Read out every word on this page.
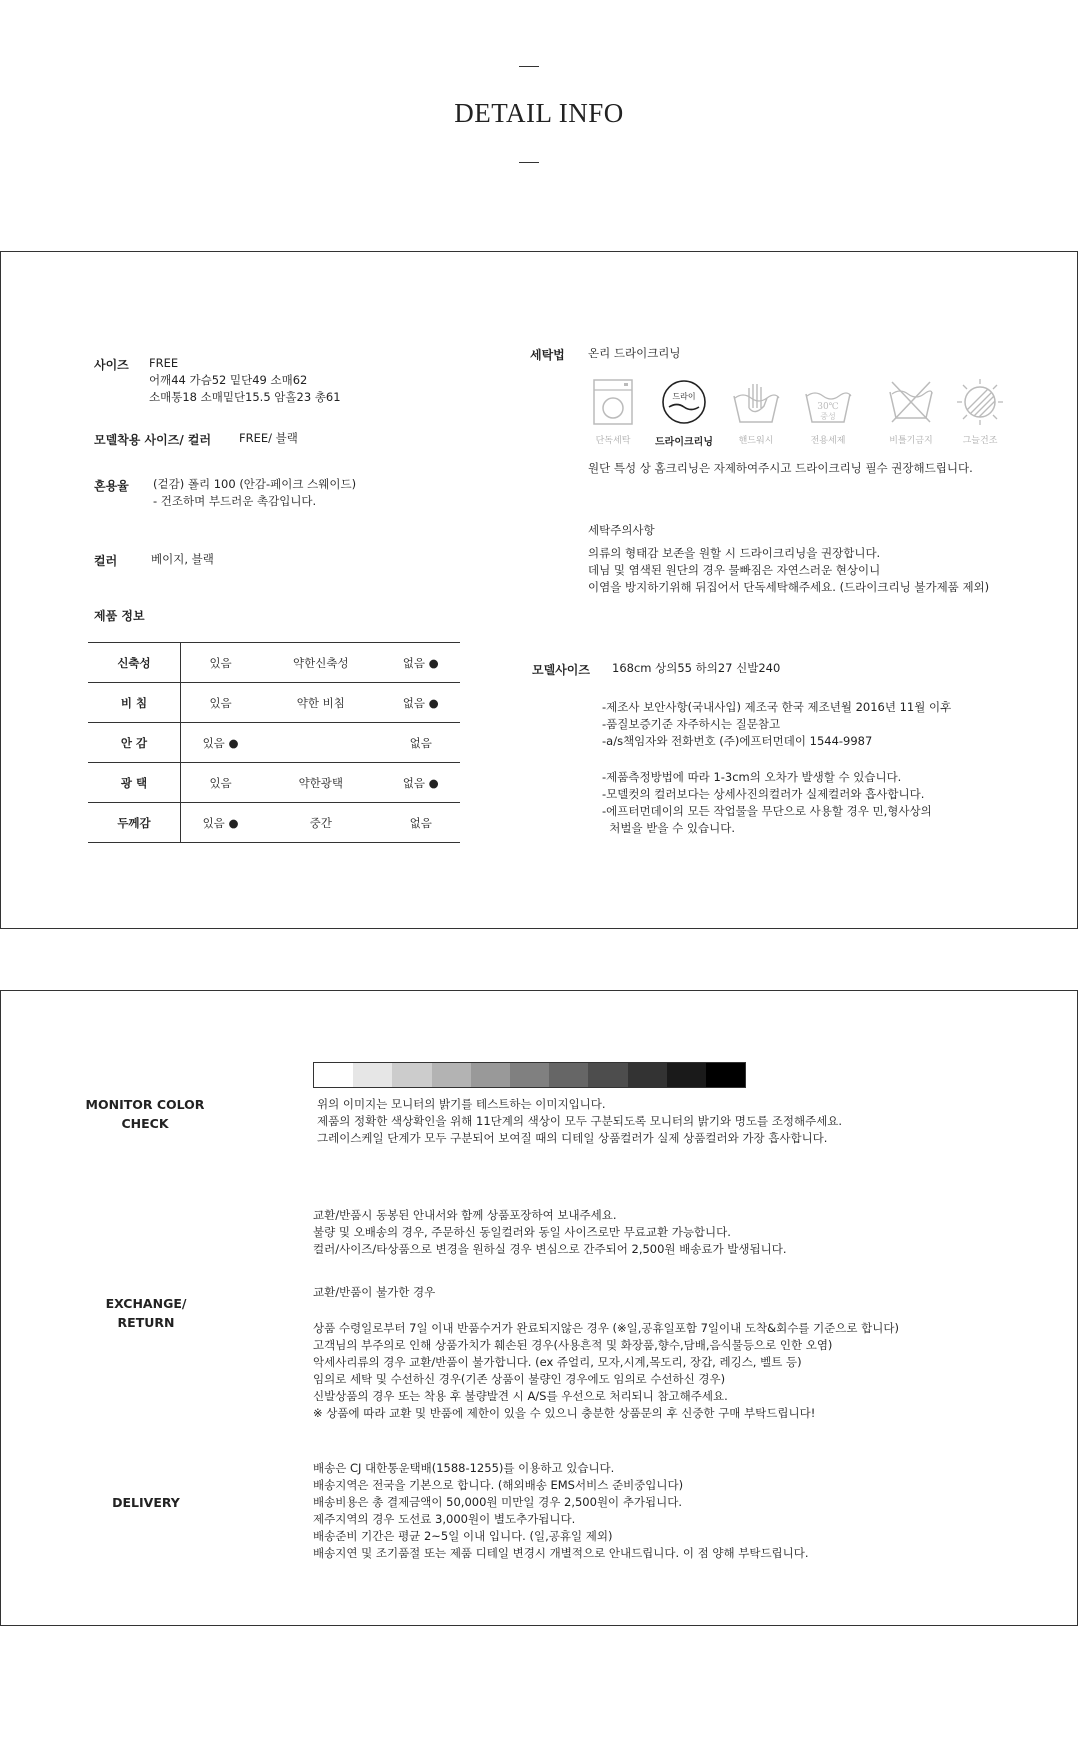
DETAIL INFO
사이즈 FREE
어깨44 가슴52 밑단49 소매62
소매통18 소매밑단15.5 암홀23 총61
모델착용 사이즈/ 컬러 FREE/ 블랙
혼용율 (겉감) 폴리 100 (안감-페이크 스웨이드)
- 건조하며 부드러운 촉감입니다.
컬러	베이지, 블랙
제품 정보
신축성	있음	약한신축성	없음 ●
비 침	있음	약한 비침	없음 ●
안 감	있음 ●		없음
광 택	있음	약한광택	없음 ●
두께감	있음 ●	중간	없음
세탁법 온리 드라이크리닝
드라이
30℃
중성
단독세탁	드라이크리닝	핸드워시	전용세제	비틀기금지	그늘건조
원단 특성 상 홈크리닝은 자제하여주시고 드라이크리닝 필수 권장해드립니다.
세탁주의사항
의류의 형태감 보존을 원할 시 드라이크리닝을 권장합니다.
데님 및 염색된 원단의 경우 물빠짐은 자연스러운 현상이니
이염을 방지하기위해 뒤집어서 단독세탁해주세요. (드라이크리닝 불가제품 제외)
모델사이즈 168cm 상의55 하의27 신발240
-제조사 보안사항(국내사입) 제조국 한국 제조년월 2016년 11월 이후
-품질보증기준 자주하시는 질문참고
-a/s책임자와 전화번호 (주)에프터먼데이 1544-9987
-제품측정방법에 따라 1-3cm의 오차가 발생할 수 있습니다.
-모델컷의 컬러보다는 상세사진의컬러가 실제컬러와 흡사합니다.
-에프터먼데이의 모든 작업물을 무단으로 사용할 경우 민,형사상의
처벌을 받을 수 있습니다.
MONITOR COLOR
CHECK
위의 이미지는 모니터의 밝기를 테스트하는 이미지입니다.
제품의 정확한 색상확인을 위해 11단계의 색상이 모두 구분되도록 모니터의 밝기와 명도를 조정해주세요.
그레이스케일 단계가 모두 구분되어 보여질 때의 디테일 상품컬러가 실제 상품컬러와 가장 흡사합니다.
EXCHANGE/
RETURN
교환/반품시 동봉된 안내서와 함께 상품포장하여 보내주세요.
불량 및 오배송의 경우, 주문하신 동일컬러와 동일 사이즈로만 무료교환 가능합니다.
컬러/사이즈/타상품으로 변경을 원하실 경우 변심으로 간주되어 2,500원 배송료가 발생됩니다.
교환/반품이 불가한 경우
상품 수령일로부터 7일 이내 반품수거가 완료되지않은 경우 (※일,공휴일포함 7일이내 도착&회수를 기준으로 합니다)
고객님의 부주의로 인해 상품가치가 훼손된 경우(사용흔적 및 화장품,향수,담배,음식물등으로 인한 오염)
악세사리류의 경우 교환/반품이 불가합니다. (ex 쥬얼리, 모자,시계,목도리, 장갑, 레깅스, 벨트 등)
임의로 세탁 및 수선하신 경우(기존 상품이 불량인 경우에도 임의로 수선하신 경우)
신발상품의 경우 또는 착용 후 불량발견 시 A/S를 우선으로 처리되니 참고해주세요.
※ 상품에 따라 교환 및 반품에 제한이 있을 수 있으니 충분한 상품문의 후 신중한 구매 부탁드립니다!
DELIVERY
배송은 CJ 대한통운택배(1588-1255)를 이용하고 있습니다.
배송지역은 전국을 기본으로 합니다. (해외배송 EMS서비스 준비중입니다)
배송비용은 총 결제금액이 50,000원 미만일 경우 2,500원이 추가됩니다.
제주지역의 경우 도선료 3,000원이 별도추가됩니다.
배송준비 기간은 평균 2~5일 이내 입니다. (일,공휴일 제외)
배송지연 및 조기품절 또는 제품 디테일 변경시 개별적으로 안내드립니다. 이 점 양해 부탁드립니다.
